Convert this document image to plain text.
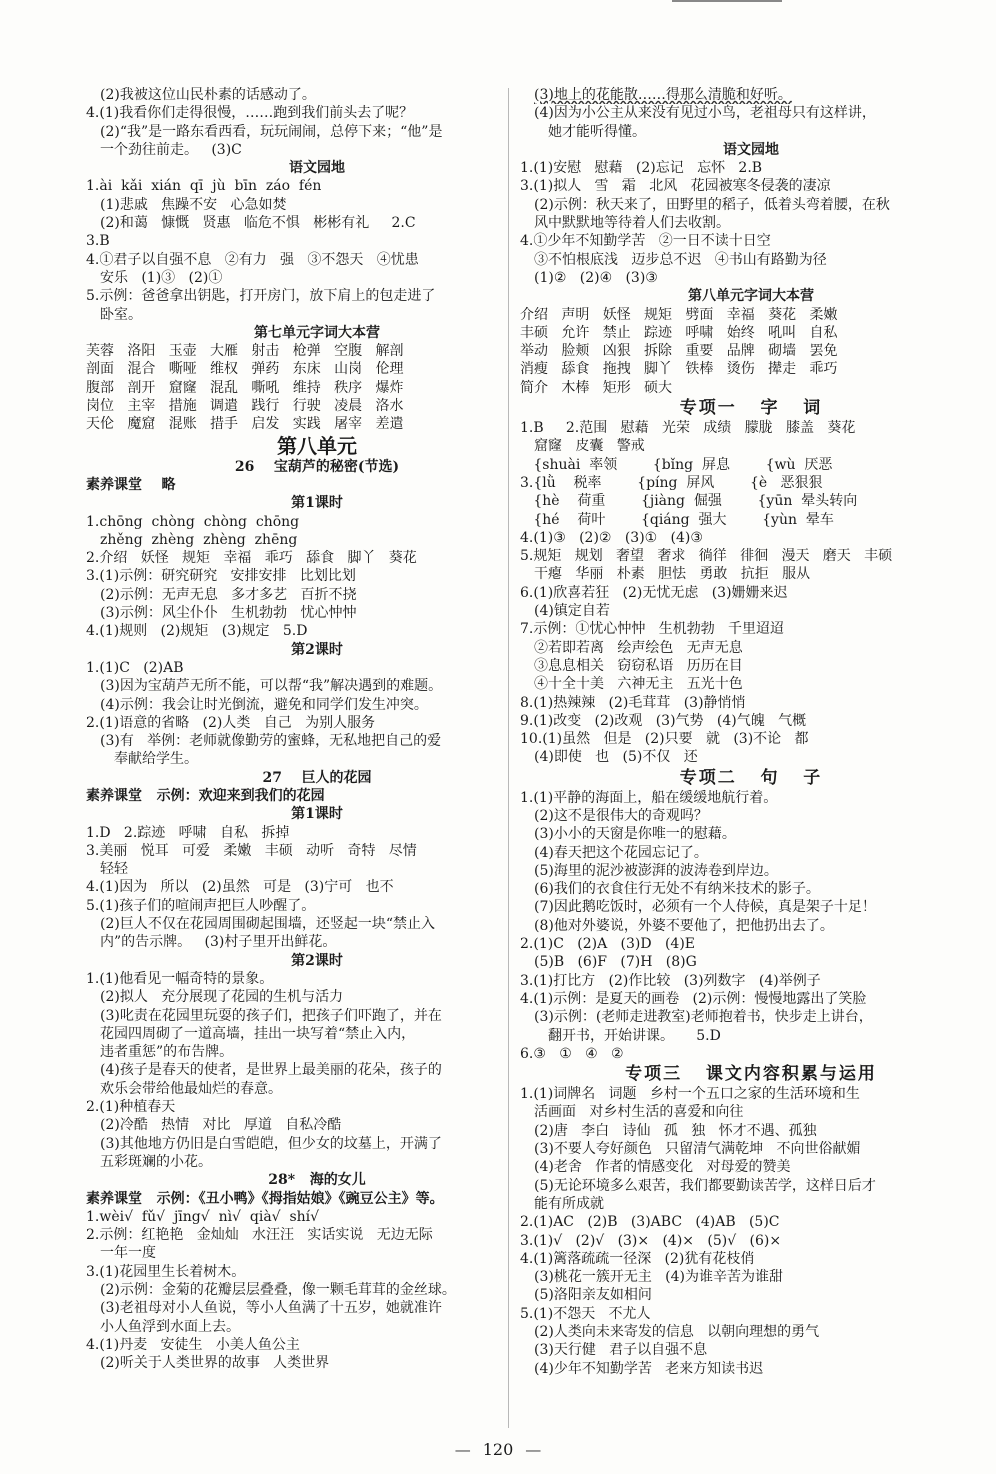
(2)我被这位山民朴素的话感动了。
4.(1)我看你们走得很慢，……跑到我们前头去了呢？
(2)“我”是一路东看西看，玩玩闹闹，总停下来；“他”是
一个劲往前走。   (3)C
语文园地
1.ài  kǎi  xián  qī  jù  bīn  záo  fén
(1)悲戚   焦躁不安   心急如焚
(2)和蔼   慷慨   贤惠   临危不惧   彬彬有礼     2.C
3.B
4.①君子以自强不息   ②有力   强   ③不怨天   ④忧患
安乐   (1)③   (2)①
5.示例：爸爸拿出钥匙，打开房门，放下肩上的包走进了
卧室。
第七单元字词大本营
芙蓉   洛阳   玉壶   大雁   射击   枪弹   空腹   解剖
剖面   混合   嘶哑   维权   弹药   东床   山岗   伦理
腹部   剖开   窟窿   混乱   嘶吼   维持   秩序   爆炸
岗位   主宰   措施   调遣   践行   行驶   凌晨   洛水
天伦   魔窟   混账   措手   启发   实践   屠宰   差遣
第八单元
26    宝葫芦的秘密(节选)
素养课堂    略
第1课时
1.chōng  chòng  chòng  chōng
zhěng  zhèng  zhèng  zhēng
2.介绍   妖怪   规矩   幸福   乖巧   舔食   脚丫   葵花
3.(1)示例：研究研究   安排安排   比划比划
(2)示例：无声无息   多才多艺   百折不挠
(3)示例：风尘仆仆   生机勃勃   忧心忡忡
4.(1)规则   (2)规矩   (3)规定   5.D
第2课时
1.(1)C   (2)AB
(3)因为宝葫芦无所不能，可以帮“我”解决遇到的难题。
(4)示例：我会让时光倒流，避免和同学们发生冲突。
2.(1)语意的省略   (2)人类   自己   为别人服务
(3)有   举例：老师就像勤劳的蜜蜂，无私地把自己的爱
奉献给学生。
27    巨人的花园
素养课堂   示例：欢迎来到我们的花园
第1课时
1.D   2.踪迹   呼啸   自私   拆掉
3.美丽   悦耳   可爱   柔嫩   丰硕   动听   奇特   尽情
轻轻
4.(1)因为   所以   (2)虽然   可是   (3)宁可   也不
5.(1)孩子们的喧闹声把巨人吵醒了。
(2)巨人不仅在花园周围砌起围墙，还竖起一块“禁止入
内”的告示牌。   (3)村子里开出鲜花。
第2课时
1.(1)他看见一幅奇特的景象。
(2)拟人   充分展现了花园的生机与活力
(3)叱责在花园里玩耍的孩子们，把孩子们吓跑了，并在
花园四周砌了一道高墙，挂出一块写着“禁止入内，
违者重惩”的布告牌。
(4)孩子是春天的使者，是世界上最美丽的花朵，孩子的
欢乐会带给他最灿烂的春意。
2.(1)种植春天
(2)冷酷   热情   对比   厚道   自私冷酷
(3)其他地方仍旧是白雪皑皑，但少女的坟墓上，开满了
五彩斑斓的小花。
28*   海的女儿
素养课堂   示例：《丑小鸭》《拇指姑娘》《豌豆公主》等。
1.wèi√  fǔ√  jīng√  nì√  qià√  shí√
2.示例：红艳艳   金灿灿   水汪汪   实话实说   无边无际
一年一度
3.(1)花园里生长着树木。
(2)示例：金菊的花瓣层层叠叠，像一颗毛茸茸的金丝球。
(3)老祖母对小人鱼说，等小人鱼满了十五岁，她就准许
小人鱼浮到水面上去。
4.(1)丹麦   安徒生   小美人鱼公主
(2)听关于人类世界的故事   人类世界
(3)地上的花能散……得那么清脆和好听。
(4)因为小公主从来没有见过小鸟，老祖母只有这样讲，
她才能听得懂。
语文园地
1.(1)安慰   慰藉   (2)忘记   忘怀   2.B
3.(1)拟人   雪   霜   北风   花园被寒冬侵袭的凄凉
(2)示例：秋天来了，田野里的稻子，低着头弯着腰，在秋
风中默默地等待着人们去收割。
4.①少年不知勤学苦   ②一日不读十日空
③不怕根底浅   迈步总不迟   ④书山有路勤为径
(1)②   (2)④   (3)③
第八单元字词大本营
介绍   声明   妖怪   规矩   劈面   幸福   葵花   柔嫩
丰硕   允许   禁止   踪迹   呼啸   始终   吼叫   自私
举动   脸颊   凶狠   拆除   重要   品牌   砌墙   罢免
消瘦   舔食   拖拽   脚丫   铁棒   烫伤   撵走   乖巧
简介   木棒   矩形   硕大
专项一   字   词
1.B     2.范围   慰藉   光荣   成绩   朦胧   膝盖   葵花
窟窿   皮囊   警戒
{shuài  率领        {bǐng  屏息        {wù  厌恶
3.{lǜ    税率        {píng  屏风        {è   恶狠狠
{hè    荷重        {jiàng  倔强        {yūn  晕头转向
{hé    荷叶        {qiáng  强大        {yùn  晕车
4.(1)③   (2)②   (3)①   (4)③
5.规矩   规划   奢望   奢求   徜徉   徘徊   漫天   磨天   丰硕
干瘪   华丽   朴素   胆怯   勇敢   抗拒   服从
6.(1)欣喜若狂   (2)无忧无虑   (3)姗姗来迟
(4)镇定自若
7.示例：①忧心忡忡   生机勃勃   千里迢迢
②若即若离   绘声绘色   无声无息
③息息相关   窃窃私语   历历在目
④十全十美   六神无主   五光十色
8.(1)热辣辣   (2)毛茸茸   (3)静悄悄
9.(1)改变   (2)改观   (3)气势   (4)气魄   气概
10.(1)虽然   但是   (2)只要   就   (3)不论   都
(4)即使   也   (5)不仅   还
专项二   句   子
1.(1)平静的海面上，船在缓缓地航行着。
(2)这不是很伟大的奇观吗？
(3)小小的天窗是你唯一的慰藉。
(4)春天把这个花园忘记了。
(5)海里的泥沙被澎湃的波涛卷到岸边。
(6)我们的衣食住行无处不有纳米技术的影子。
(7)因此鹅吃饭时，必须有一个人侍候，真是架子十足！
(8)他对外婆说，外婆不要他了，把他扔出去了。
2.(1)C   (2)A   (3)D   (4)E
(5)B   (6)F   (7)H   (8)G
3.(1)打比方   (2)作比较   (3)列数字   (4)举例子
4.(1)示例：是夏天的画卷   (2)示例：慢慢地露出了笑脸
(3)示例：(老师走进教室)老师抱着书，快步走上讲台，
翻开书，开始讲课。     5.D
6.③   ①   ④   ②
专项三   课文内容积累与运用
1.(1)词牌名   词题   乡村一个五口之家的生活环境和生
活画面   对乡村生活的喜爱和向往
(2)唐   李白   诗仙   孤   独   怀才不遇、孤独
(3)不要人夸好颜色   只留清气满乾坤   不向世俗献媚
(4)老舍   作者的情感变化   对母爱的赞美
(5)无论环境多么艰苦，我们都要勤读苦学，这样日后才
能有所成就
2.(1)AC   (2)B   (3)ABC   (4)AB   (5)C
3.(1)√   (2)√   (3)×   (4)×   (5)√   (6)×
4.(1)篱落疏疏一径深   (2)犹有花枝俏
(3)桃花一簇开无主   (4)为谁辛苦为谁甜
(5)洛阳亲友如相问
5.(1)不怨天   不尤人
(2)人类向未来寄发的信息   以朝向理想的勇气
(3)天行健   君子以自强不息
(4)少年不知勤学苦   老来方知读书迟
— 120 —
